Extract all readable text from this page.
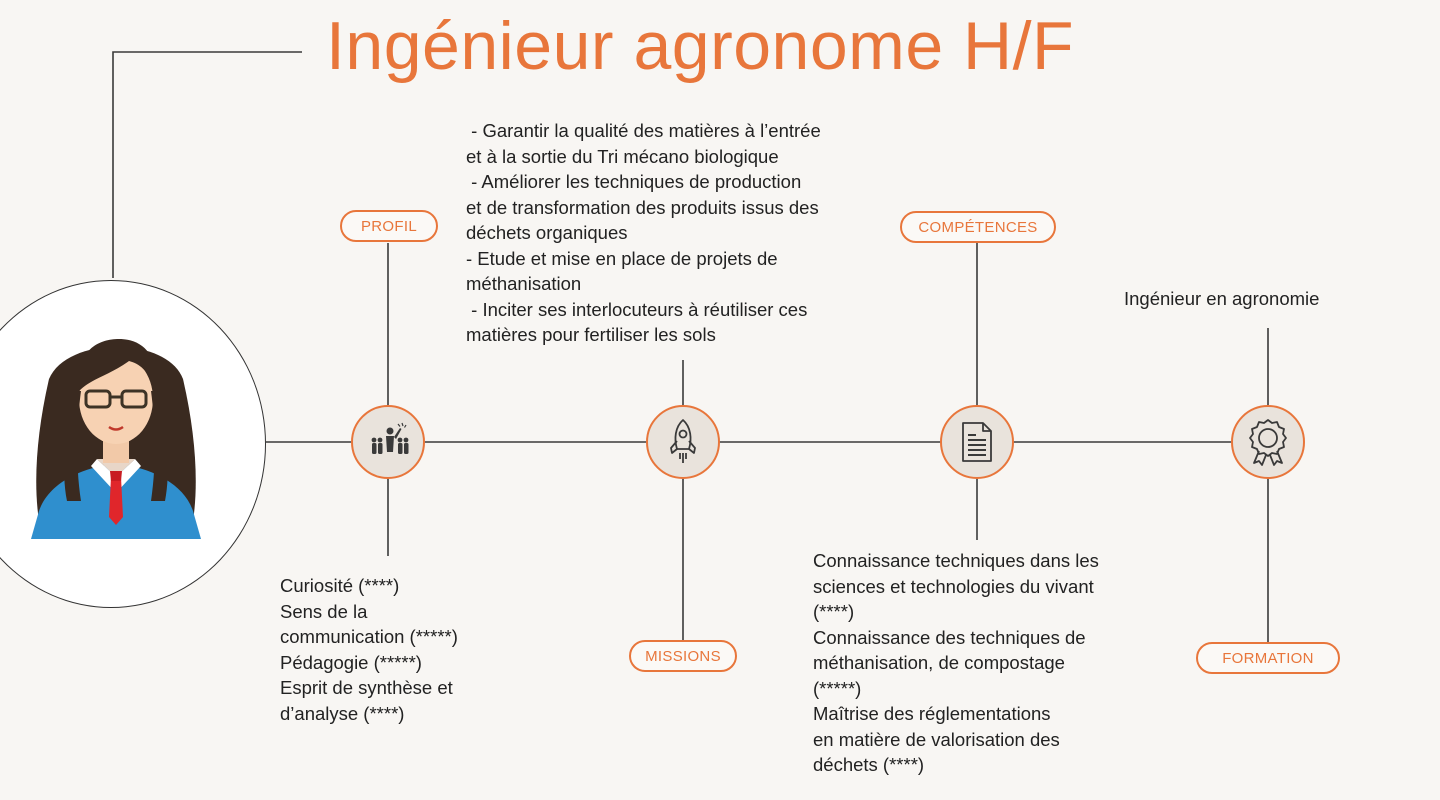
Ingénieur agronome H/F
PROFIL
MISSIONS
COMPÉTENCES
FORMATION
- Garantir la qualité des matières à l’entrée
et à la sortie du Tri mécano biologique
- Améliorer les techniques de production
et de transformation des produits issus des
déchets organiques
- Etude et mise en place de projets de
méthanisation
- Inciter ses interlocuteurs à réutiliser ces
matières pour fertiliser les sols
Curiosité (****)
Sens de la
communication (*****)
Pédagogie (*****)
Esprit de synthèse et
d’analyse (****)
Connaissance techniques dans les
sciences et technologies du vivant
(****)
Connaissance des techniques de
méthanisation, de compostage
(*****)
Maîtrise des réglementations
en matière de valorisation des
déchets (****)
Ingénieur en agronomie
